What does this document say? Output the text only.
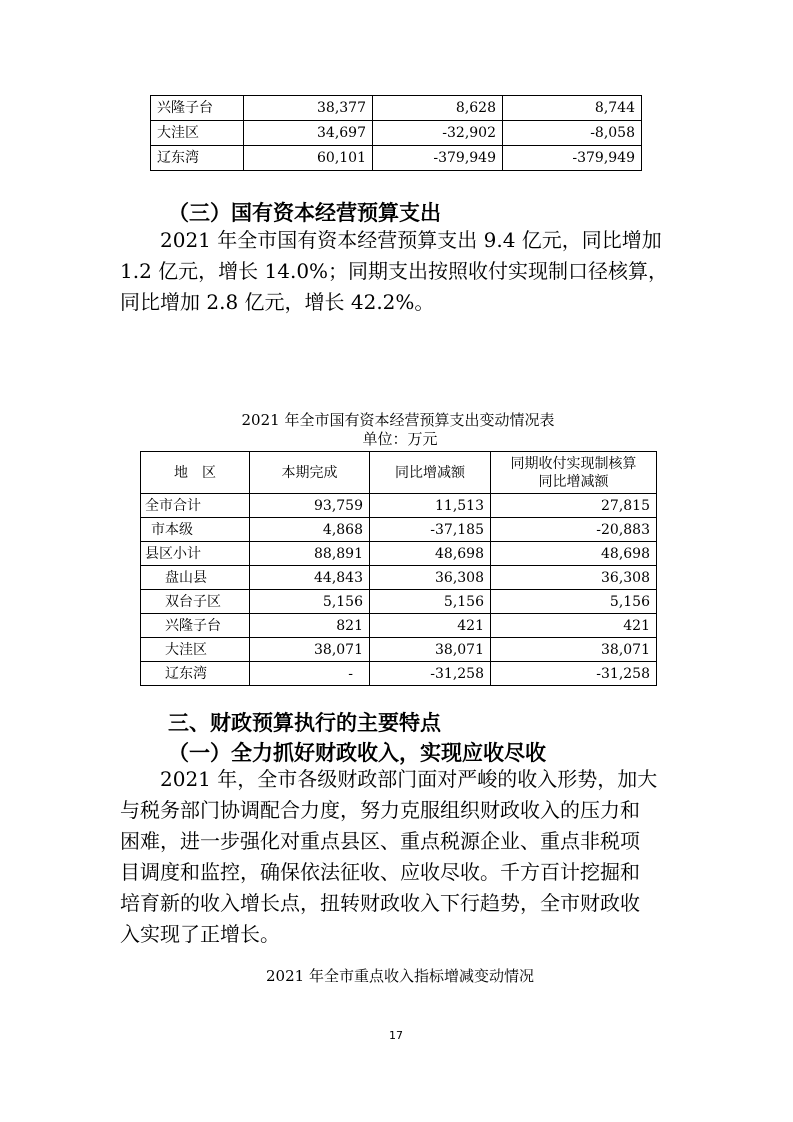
兴隆子台	38,377	8,628	8,744
大洼区	34,697	-32,902	-8,058
辽东湾	60,101	-379,949	-379,949
（三）国有资本经营预算支出

2021 年全市国有资本经营预算支出 9.4 亿元，同比增加

1.2 亿元，增长 14.0%；同期支出按照收付实现制口径核算，

同比增加 2.8 亿元，增长 42.2%。

2021 年全市国有资本经营预算支出变动情况表
单位：万元
地　区	本期完成	同比增减额	同期收付实现制核算
同比增减额

全市合计	93,759	11,513	27,815
市本级	4,868	-37,185	-20,883
县区小计	88,891	48,698	48,698
盘山县	44,843	36,308	36,308
双台子区	5,156	5,156	5,156
兴隆子台	821	421	421
大洼区	38,071	38,071	38,071
辽东湾	-	-31,258	-31,258
三、财政预算执行的主要特点
（一）全力抓好财政收入，实现应收尽收

2021 年，全市各级财政部门面对严峻的收入形势，加大

与税务部门协调配合力度，努力克服组织财政收入的压力和

困难，进一步强化对重点县区、重点税源企业、重点非税项

目调度和监控，确保依法征收、应收尽收。千方百计挖掘和

培育新的收入增长点，扭转财政收入下行趋势，全市财政收

入实现了正增长。

2021 年全市重点收入指标增减变动情况
17
